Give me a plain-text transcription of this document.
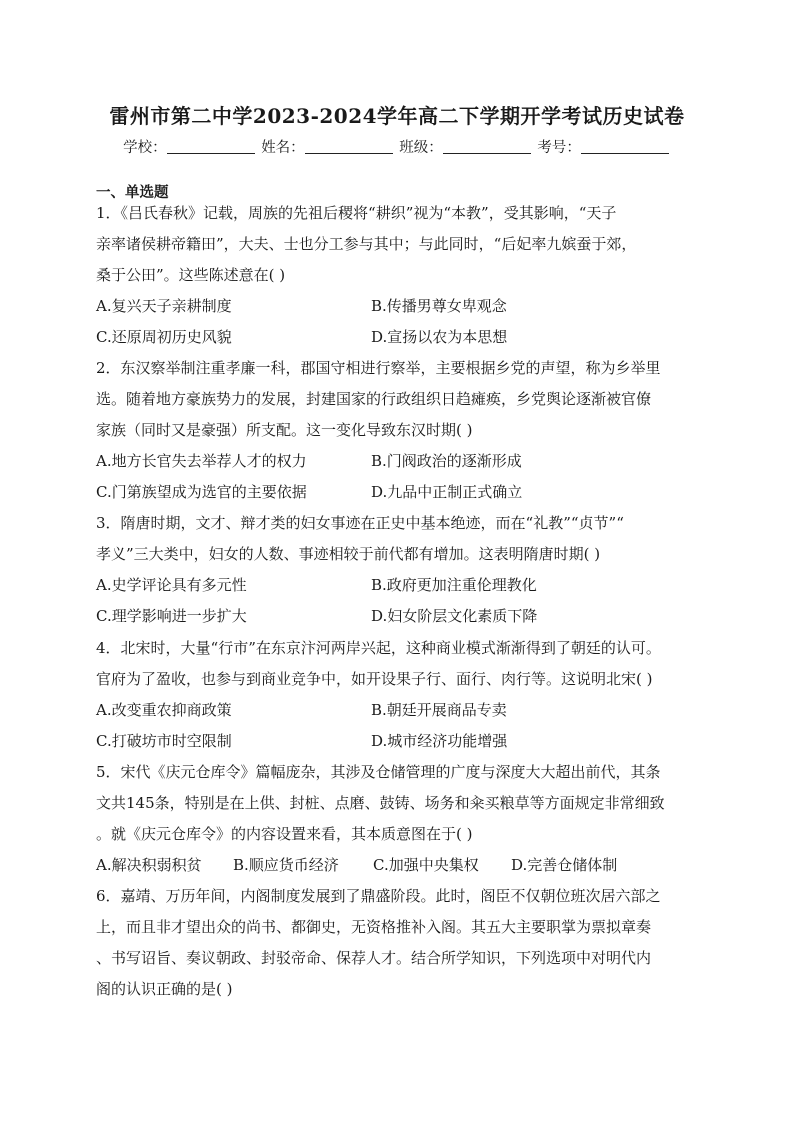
雷州市第二中学2023-2024学年高二下学期开学考试历史试卷
学校：	姓名：	班级：	考号：
一、单选题

1．《吕氏春秋》记载，周族的先祖后稷将“耕织”视为“本教”，受其影响，“天子

亲率诸侯耕帝籍田”，大夫、士也分工参与其中；与此同时，“后妃率九嫔蚕于郊，

桑于公田”。这些陈述意在( )

A.复兴天子亲耕制度	B.传播男尊女卑观念
C.还原周初历史风貌	D.宣扬以农为本思想

2．东汉察举制注重孝廉一科，郡国守相进行察举，主要根据乡党的声望，称为乡举里

选。随着地方豪族势力的发展，封建国家的行政组织日趋瘫痪，乡党舆论逐渐被官僚

家族（同时又是豪强）所支配。这一变化导致东汉时期( )

A.地方长官失去举荐人才的权力	B.门阀政治的逐渐形成
C.门第族望成为选官的主要依据	D.九品中正制正式确立

3．隋唐时期，文才、辩才类的妇女事迹在正史中基本绝迹，而在“礼教”“贞节”“

孝义”三大类中，妇女的人数、事迹相较于前代都有增加。这表明隋唐时期( )

A.史学评论具有多元性	B.政府更加注重伦理教化
C.理学影响进一步扩大	D.妇女阶层文化素质下降

4．北宋时，大量“行市”在东京汴河两岸兴起，这种商业模式渐渐得到了朝廷的认可。

官府为了盈收，也参与到商业竞争中，如开设果子行、面行、肉行等。这说明北宋( )

A.改变重农抑商政策	B.朝廷开展商品专卖
C.打破坊市时空限制	D.城市经济功能增强

5．宋代《庆元仓库令》篇幅庞杂，其涉及仓储管理的广度与深度大大超出前代，其条

文共145条，特别是在上供、封桩、点磨、鼓铸、场务和籴买粮草等方面规定非常细致

。就《庆元仓库令》的内容设置来看，其本质意图在于( )

A.解决积弱积贫 B.顺应货币经济 C.加强中央集权 D.完善仓储体制

6．嘉靖、万历年间，内阁制度发展到了鼎盛阶段。此时，阁臣不仅朝位班次居六部之

上，而且非才望出众的尚书、都御史，无资格推补入阁。其五大主要职掌为票拟章奏

、书写诏旨、奏议朝政、封驳帝命、保荐人才。结合所学知识，下列选项中对明代内

阁的认识正确的是( )
